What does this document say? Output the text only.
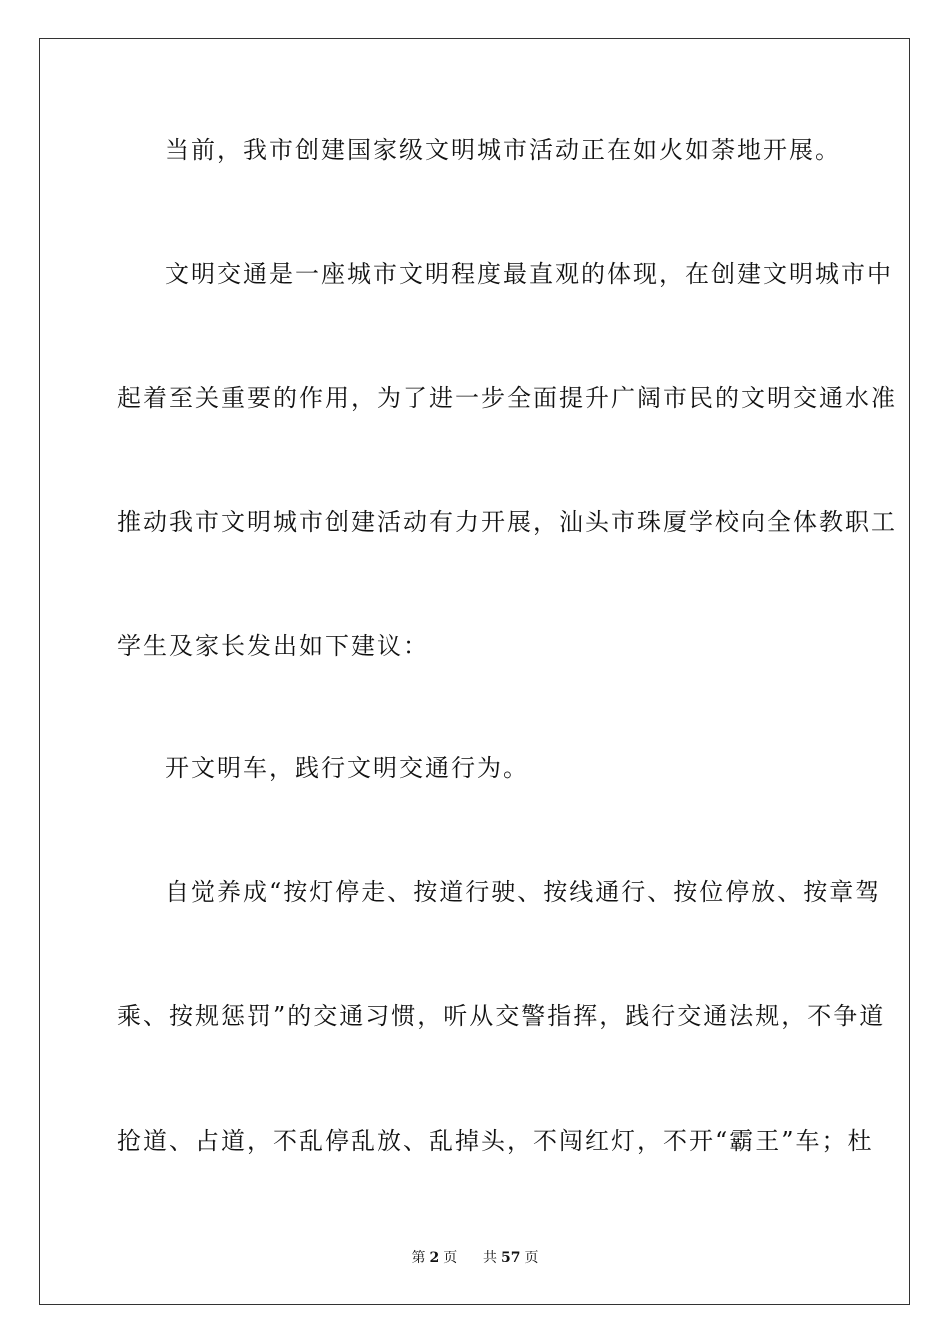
当前，我市创建国家级文明城市活动正在如火如荼地开展。
文明交通是一座城市文明程度最直观的体现，在创建文明城市中
起着至关重要的作用，为了进一步全面提升广阔市民的文明交通水准
推动我市文明城市创建活动有力开展，汕头市珠厦学校向全体教职工
学生及家长发出如下建议：
开文明车，践行文明交通行为。
自觉养成“按灯停走、按道行驶、按线通行、按位停放、按章驾
乘、按规惩罚”的交通习惯，听从交警指挥，践行交通法规，不争道
抢道、占道，不乱停乱放、乱掉头，不闯红灯，不开“霸王”车；杜
第 2 页 共 57 页
